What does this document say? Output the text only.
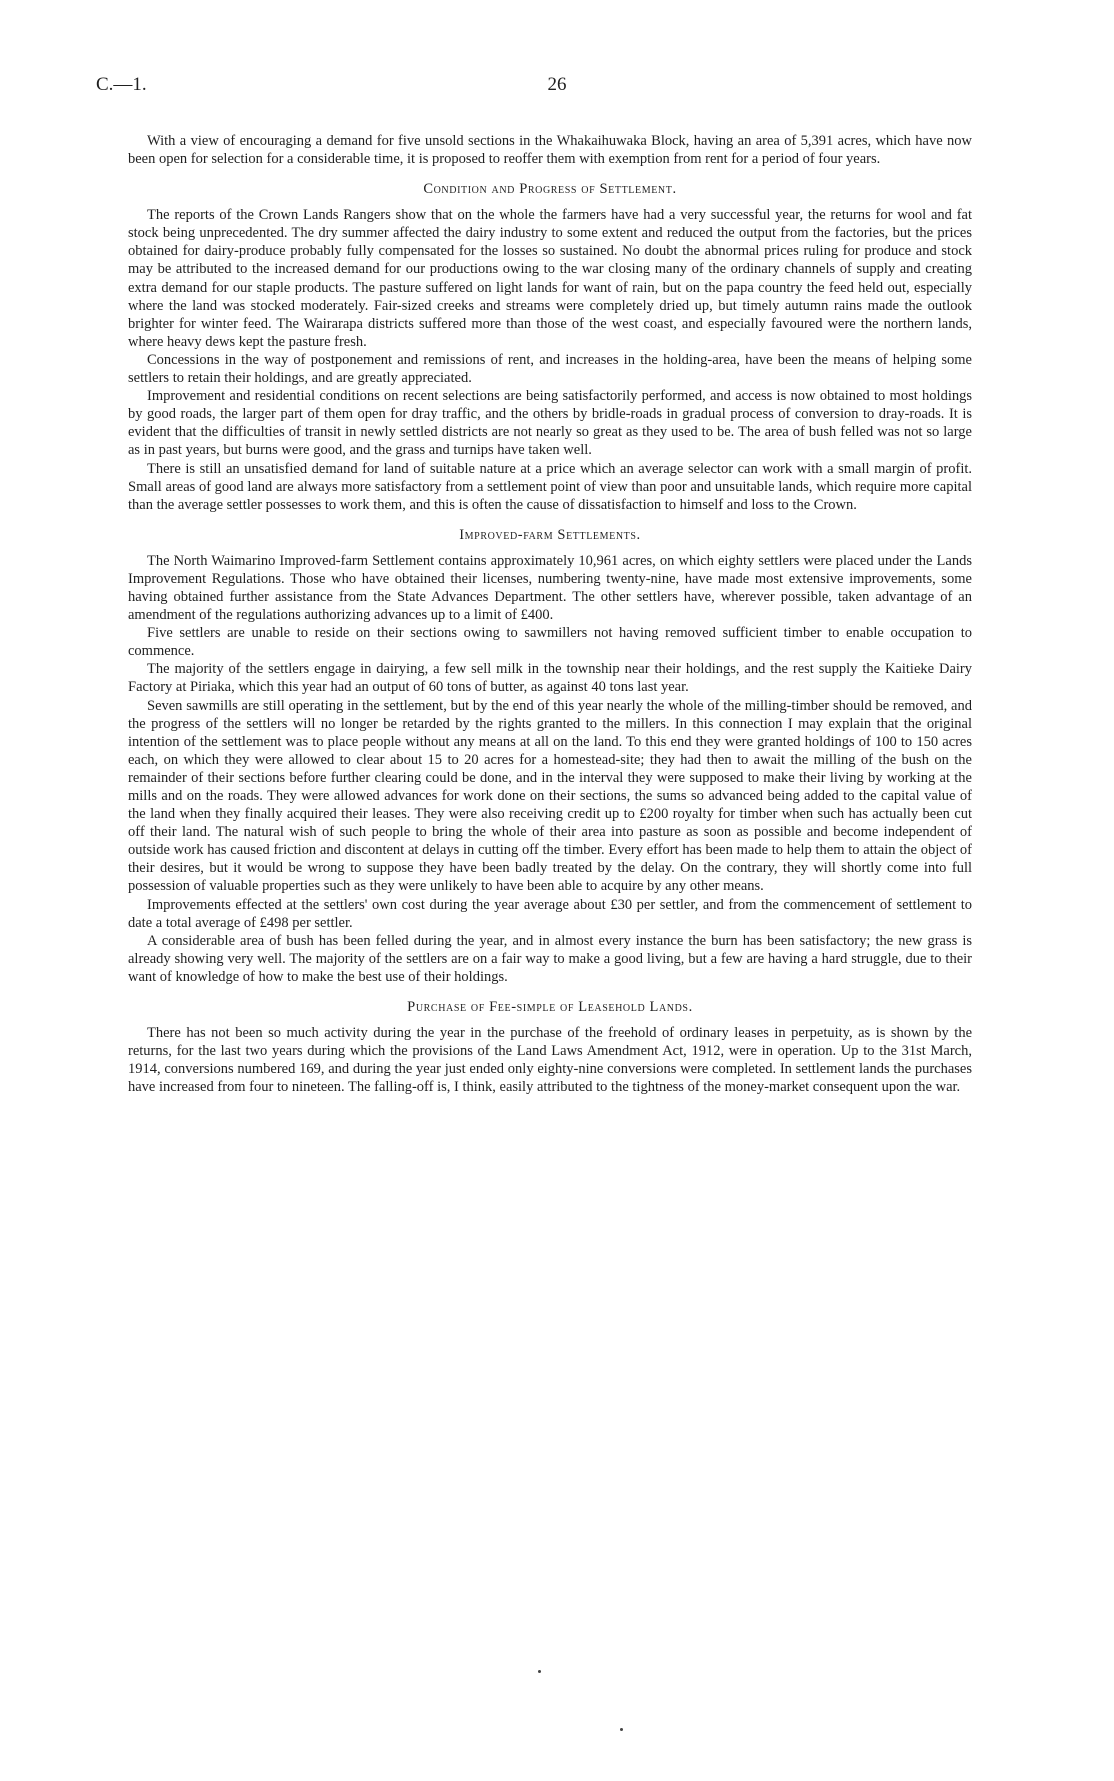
C.—1.	26

With a view of encouraging a demand for five unsold sections in the Whakaihuwaka Block, having an area of 5,391 acres, which have now been open for selection for a considerable time, it is proposed to reoffer them with exemption from rent for a period of four years.

Condition and Progress of Settlement.

The reports of the Crown Lands Rangers show that on the whole the farmers have had a very successful year, the returns for wool and fat stock being unprecedented. The dry summer affected the dairy industry to some extent and reduced the output from the factories, but the prices obtained for dairy-produce probably fully compensated for the losses so sustained. No doubt the abnormal prices ruling for produce and stock may be attributed to the increased demand for our productions owing to the war closing many of the ordinary channels of supply and creating extra demand for our staple products. The pasture suffered on light lands for want of rain, but on the papa country the feed held out, especially where the land was stocked moderately. Fair-sized creeks and streams were completely dried up, but timely autumn rains made the outlook brighter for winter feed. The Wairarapa districts suffered more than those of the west coast, and especially favoured were the northern lands, where heavy dews kept the pasture fresh.

Concessions in the way of postponement and remissions of rent, and increases in the holding-area, have been the means of helping some settlers to retain their holdings, and are greatly appreciated.

Improvement and residential conditions on recent selections are being satisfactorily performed, and access is now obtained to most holdings by good roads, the larger part of them open for dray traffic, and the others by bridle-roads in gradual process of conversion to dray-roads. It is evident that the difficulties of transit in newly settled districts are not nearly so great as they used to be. The area of bush felled was not so large as in past years, but burns were good, and the grass and turnips have taken well.

There is still an unsatisfied demand for land of suitable nature at a price which an average selector can work with a small margin of profit. Small areas of good land are always more satisfactory from a settlement point of view than poor and unsuitable lands, which require more capital than the average settler possesses to work them, and this is often the cause of dissatisfaction to himself and loss to the Crown.

Improved-farm Settlements.

The North Waimarino Improved-farm Settlement contains approximately 10,961 acres, on which eighty settlers were placed under the Lands Improvement Regulations. Those who have obtained their licenses, numbering twenty-nine, have made most extensive improvements, some having obtained further assistance from the State Advances Department. The other settlers have, wherever possible, taken advantage of an amendment of the regulations authorizing advances up to a limit of £400.

Five settlers are unable to reside on their sections owing to sawmillers not having removed sufficient timber to enable occupation to commence.

The majority of the settlers engage in dairying, a few sell milk in the township near their holdings, and the rest supply the Kaitieke Dairy Factory at Piriaka, which this year had an output of 60 tons of butter, as against 40 tons last year.

Seven sawmills are still operating in the settlement, but by the end of this year nearly the whole of the milling-timber should be removed, and the progress of the settlers will no longer be retarded by the rights granted to the millers. In this connection I may explain that the original intention of the settlement was to place people without any means at all on the land. To this end they were granted holdings of 100 to 150 acres each, on which they were allowed to clear about 15 to 20 acres for a homestead-site; they had then to await the milling of the bush on the remainder of their sections before further clearing could be done, and in the interval they were supposed to make their living by working at the mills and on the roads. They were allowed advances for work done on their sections, the sums so advanced being added to the capital value of the land when they finally acquired their leases. They were also receiving credit up to £200 royalty for timber when such has actually been cut off their land. The natural wish of such people to bring the whole of their area into pasture as soon as possible and become independent of outside work has caused friction and discontent at delays in cutting off the timber. Every effort has been made to help them to attain the object of their desires, but it would be wrong to suppose they have been badly treated by the delay. On the contrary, they will shortly come into full possession of valuable properties such as they were unlikely to have been able to acquire by any other means.

Improvements effected at the settlers' own cost during the year average about £30 per settler, and from the commencement of settlement to date a total average of £498 per settler.

A considerable area of bush has been felled during the year, and in almost every instance the burn has been satisfactory; the new grass is already showing very well. The majority of the settlers are on a fair way to make a good living, but a few are having a hard struggle, due to their want of knowledge of how to make the best use of their holdings.

Purchase of Fee-simple of Leasehold Lands.

There has not been so much activity during the year in the purchase of the freehold of ordinary leases in perpetuity, as is shown by the returns, for the last two years during which the provisions of the Land Laws Amendment Act, 1912, were in operation. Up to the 31st March, 1914, conversions numbered 169, and during the year just ended only eighty-nine conversions were completed. In settlement lands the purchases have increased from four to nineteen. The falling-off is, I think, easily attributed to the tightness of the money-market consequent upon the war.
